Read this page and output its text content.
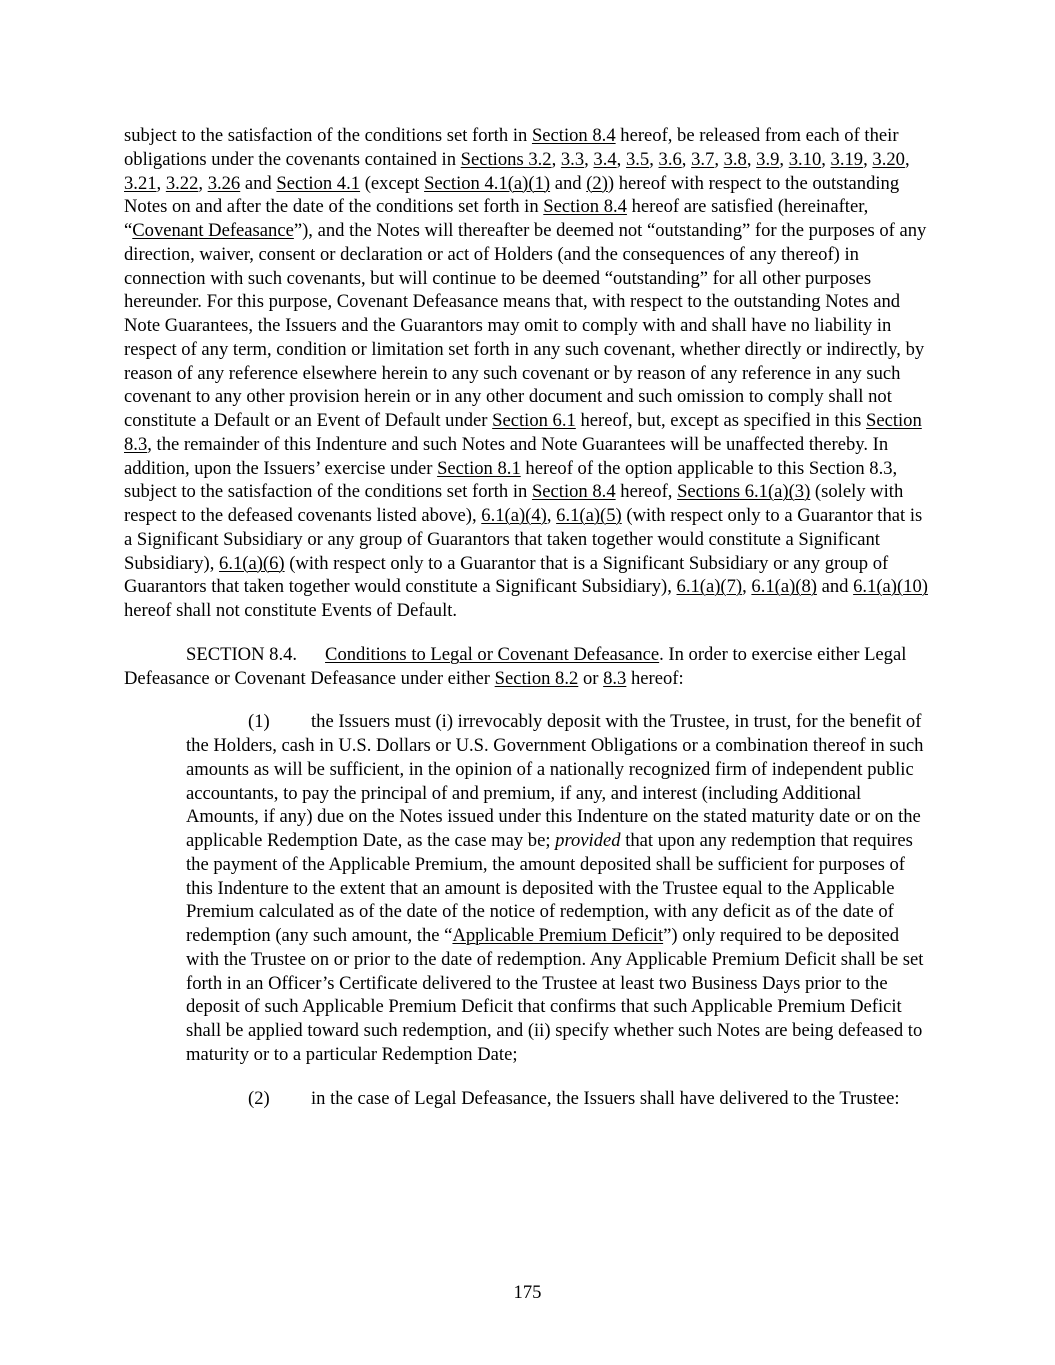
subject to the satisfaction of the conditions set forth in Section 8.4 hereof, be released from each of their obligations under the covenants contained in Sections 3.2, 3.3, 3.4, 3.5, 3.6, 3.7, 3.8, 3.9, 3.10, 3.19, 3.20, 3.21, 3.22, 3.26 and Section 4.1 (except Section 4.1(a)(1) and (2)) hereof with respect to the outstanding Notes on and after the date of the conditions set forth in Section 8.4 hereof are satisfied (hereinafter, “Covenant Defeasance”), and the Notes will thereafter be deemed not “outstanding” for the purposes of any direction, waiver, consent or declaration or act of Holders (and the consequences of any thereof) in connection with such covenants, but will continue to be deemed “outstanding” for all other purposes hereunder. For this purpose, Covenant Defeasance means that, with respect to the outstanding Notes and Note Guarantees, the Issuers and the Guarantors may omit to comply with and shall have no liability in respect of any term, condition or limitation set forth in any such covenant, whether directly or indirectly, by reason of any reference elsewhere herein to any such covenant or by reason of any reference in any such covenant to any other provision herein or in any other document and such omission to comply shall not constitute a Default or an Event of Default under Section 6.1 hereof, but, except as specified in this Section 8.3, the remainder of this Indenture and such Notes and Note Guarantees will be unaffected thereby. In addition, upon the Issuers’ exercise under Section 8.1 hereof of the option applicable to this Section 8.3, subject to the satisfaction of the conditions set forth in Section 8.4 hereof, Sections 6.1(a)(3) (solely with respect to the defeased covenants listed above), 6.1(a)(4), 6.1(a)(5) (with respect only to a Guarantor that is a Significant Subsidiary or any group of Guarantors that taken together would constitute a Significant Subsidiary), 6.1(a)(6) (with respect only to a Guarantor that is a Significant Subsidiary or any group of Guarantors that taken together would constitute a Significant Subsidiary), 6.1(a)(7), 6.1(a)(8) and 6.1(a)(10) hereof shall not constitute Events of Default.

SECTION 8.4. Conditions to Legal or Covenant Defeasance. In order to exercise either Legal Defeasance or Covenant Defeasance under either Section 8.2 or 8.3 hereof:

(1) the Issuers must (i) irrevocably deposit with the Trustee, in trust, for the benefit of the Holders, cash in U.S. Dollars or U.S. Government Obligations or a combination thereof in such amounts as will be sufficient, in the opinion of a nationally recognized firm of independent public accountants, to pay the principal of and premium, if any, and interest (including Additional Amounts, if any) due on the Notes issued under this Indenture on the stated maturity date or on the applicable Redemption Date, as the case may be; provided that upon any redemption that requires the payment of the Applicable Premium, the amount deposited shall be sufficient for purposes of this Indenture to the extent that an amount is deposited with the Trustee equal to the Applicable Premium calculated as of the date of the notice of redemption, with any deficit as of the date of redemption (any such amount, the “Applicable Premium Deficit”) only required to be deposited with the Trustee on or prior to the date of redemption. Any Applicable Premium Deficit shall be set forth in an Officer’s Certificate delivered to the Trustee at least two Business Days prior to the deposit of such Applicable Premium Deficit that confirms that such Applicable Premium Deficit shall be applied toward such redemption, and (ii) specify whether such Notes are being defeased to maturity or to a particular Redemption Date;

(2) in the case of Legal Defeasance, the Issuers shall have delivered to the Trustee:

175
